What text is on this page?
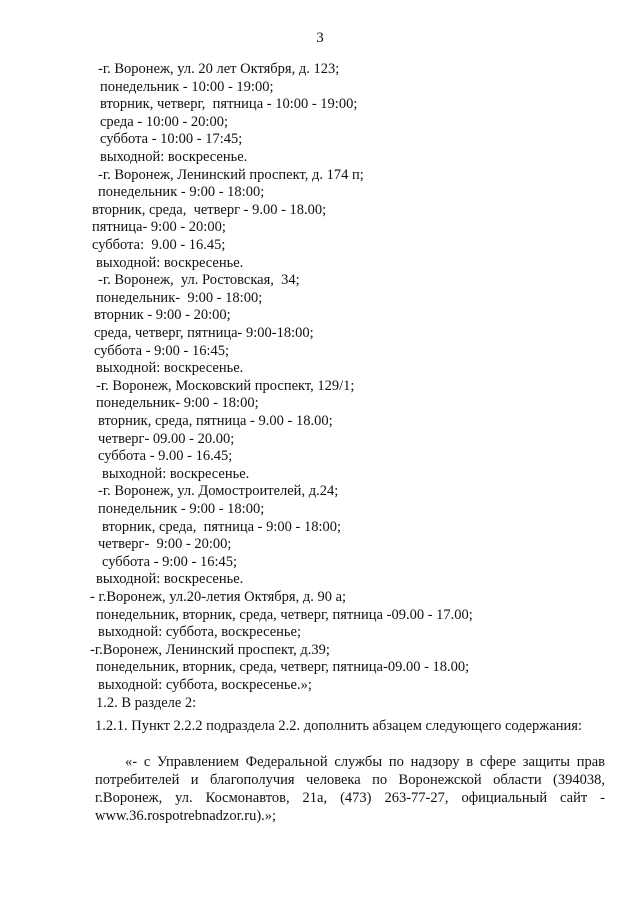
3
-г. Воронеж, ул. 20 лет Октября, д. 123;
понедельник - 10:00 - 19:00;
вторник, четверг,  пятница - 10:00 - 19:00;
среда - 10:00 - 20:00;
суббота - 10:00 - 17:45;
выходной: воскресенье.
-г. Воронеж, Ленинский проспект, д. 174 п;
понедельник - 9:00 - 18:00;
вторник, среда,  четверг - 9.00 - 18.00;
пятница- 9:00 - 20:00;
суббота:  9.00 - 16.45;
выходной: воскресенье.
-г. Воронеж,  ул. Ростовская,  34;
понедельник-  9:00 - 18:00;
вторник - 9:00 - 20:00;
среда, четверг, пятница- 9:00-18:00;
суббота - 9:00 - 16:45;
выходной: воскресенье.
-г. Воронеж, Московский проспект, 129/1;
понедельник- 9:00 - 18:00;
вторник, среда, пятница - 9.00 - 18.00;
четверг- 09.00 - 20.00;
суббота - 9.00 - 16.45;
выходной: воскресенье.
-г. Воронеж, ул. Домостроителей, д.24;
понедельник - 9:00 - 18:00;
вторник, среда,  пятница - 9:00 - 18:00;
четверг-  9:00 - 20:00;
суббота - 9:00 - 16:45;
выходной: воскресенье.
- г.Воронеж, ул.20-летия Октября, д. 90 а;
понедельник, вторник, среда, четверг, пятница -09.00 - 17.00;
выходной: суббота, воскресенье;
-г.Воронеж, Ленинский проспект, д.39;
понедельник, вторник, среда, четверг, пятница-09.00 - 18.00;
выходной: суббота, воскресенье.»;
1.2. В разделе 2:
1.2.1. Пункт 2.2.2 подраздела 2.2. дополнить абзацем следующего содержания:
«- с Управлением Федеральной службы по надзору в сфере защиты прав потребителей и благополучия человека по Воронежской области (394038, г.Воронеж, ул. Космонавтов, 21а, (473) 263-77-27, официальный сайт - www.36.rospotrebnadzor.ru).»;
